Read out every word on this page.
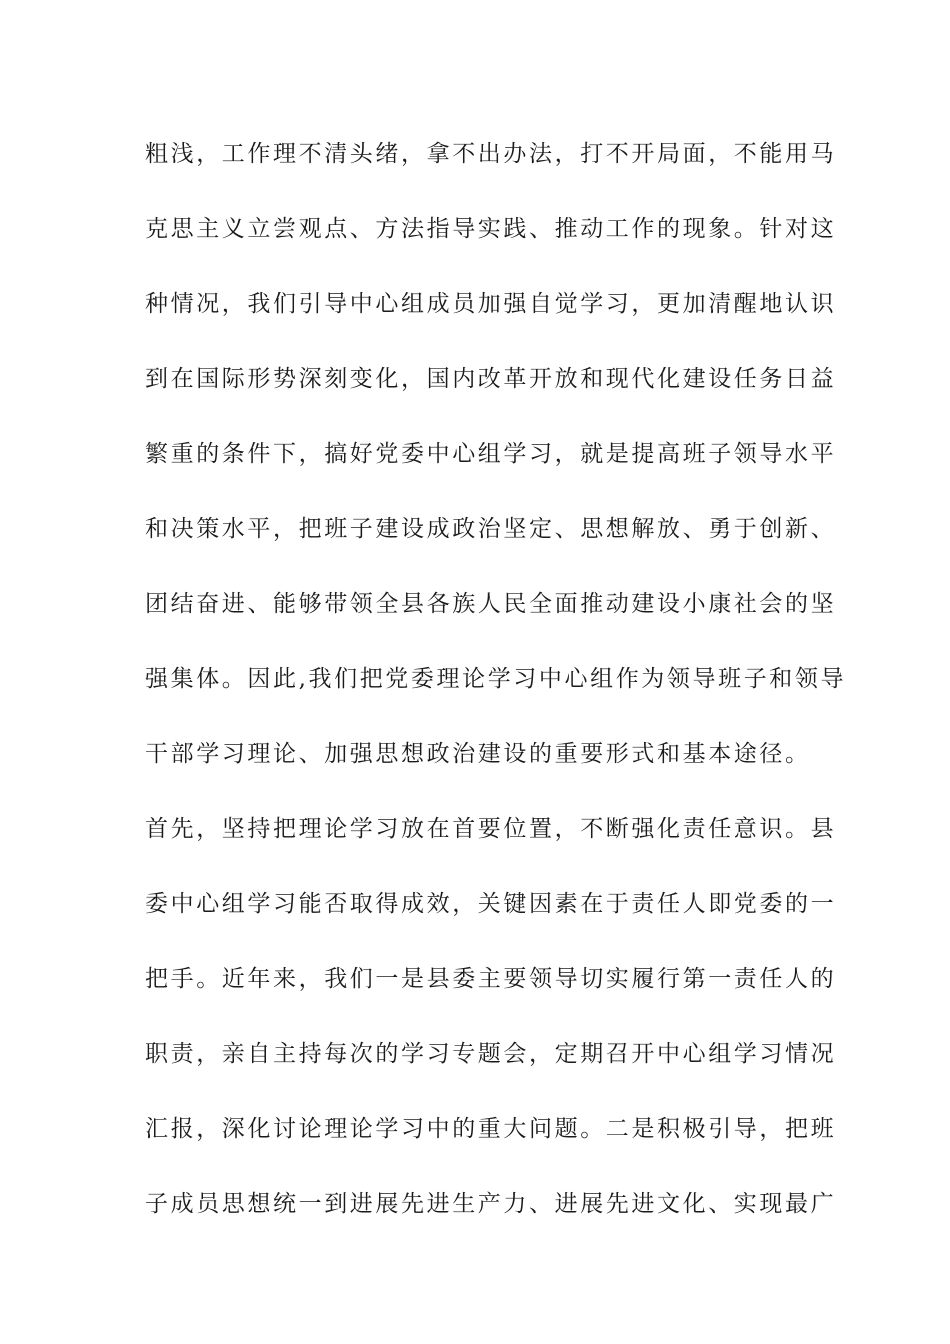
粗浅，工作理不清头绪，拿不出办法，打不开局面，不能用马
克思主义立尝观点、方法指导实践、推动工作的现象。针对这
种情况，我们引导中心组成员加强自觉学习，更加清醒地认识
到在国际形势深刻变化，国内改革开放和现代化建设任务日益
繁重的条件下，搞好党委中心组学习，就是提高班子领导水平
和决策水平，把班子建设成政治坚定、思想解放、勇于创新、
团结奋进、能够带领全县各族人民全面推动建设小康社会的坚
强集体。因此,我们把党委理论学习中心组作为领导班子和领导
干部学习理论、加强思想政治建设的重要形式和基本途径。
首先，坚持把理论学习放在首要位置，不断强化责任意识。县
委中心组学习能否取得成效，关键因素在于责任人即党委的一
把手。近年来，我们一是县委主要领导切实履行第一责任人的
职责，亲自主持每次的学习专题会，定期召开中心组学习情况
汇报，深化讨论理论学习中的重大问题。二是积极引导，把班
子成员思想统一到进展先进生产力、进展先进文化、实现最广
